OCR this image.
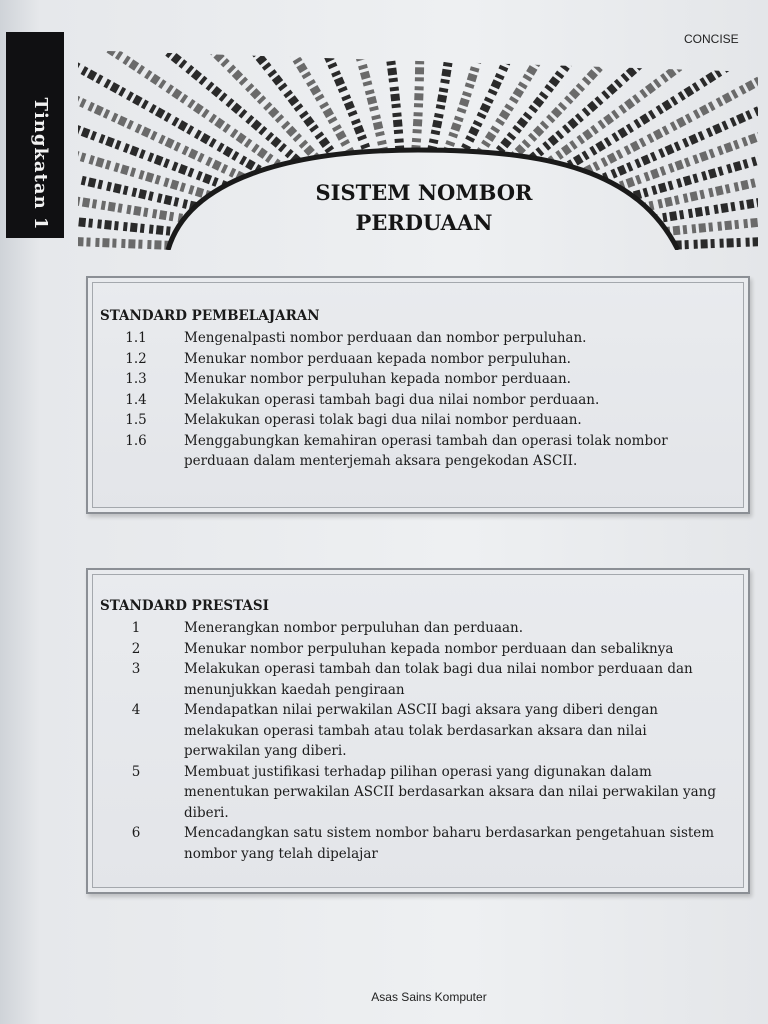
Tingkatan 1
CONCISE
SISTEM NOMBOR
PERDUAAN
STANDARD PEMBELAJARAN
1.1	Mengenalpasti nombor perduaan dan nombor perpuluhan.
1.2	Menukar nombor perduaan kepada nombor perpuluhan.
1.3	Menukar nombor perpuluhan kepada nombor perduaan.
1.4	Melakukan operasi tambah bagi dua nilai nombor perduaan.
1.5	Melakukan operasi tolak bagi dua nilai nombor perduaan.
1.6	Menggabungkan kemahiran operasi tambah dan operasi tolak nombor perduaan dalam menterjemah aksara pengekodan ASCII.
STANDARD PRESTASI
1	Menerangkan nombor perpuluhan dan perduaan.
2	Menukar nombor perpuluhan kepada nombor perduaan dan sebaliknya
3	Melakukan operasi tambah dan tolak bagi dua nilai nombor perduaan dan menunjukkan kaedah pengiraan
4	Mendapatkan nilai perwakilan ASCII bagi aksara yang diberi dengan melakukan operasi tambah atau tolak berdasarkan aksara dan nilai perwakilan yang diberi.
5	Membuat justifikasi terhadap pilihan operasi yang digunakan dalam menentukan perwakilan ASCII berdasarkan aksara dan nilai perwakilan yang diberi.
6	Mencadangkan satu sistem nombor baharu berdasarkan pengetahuan sistem nombor yang telah dipelajar
Asas Sains Komputer
